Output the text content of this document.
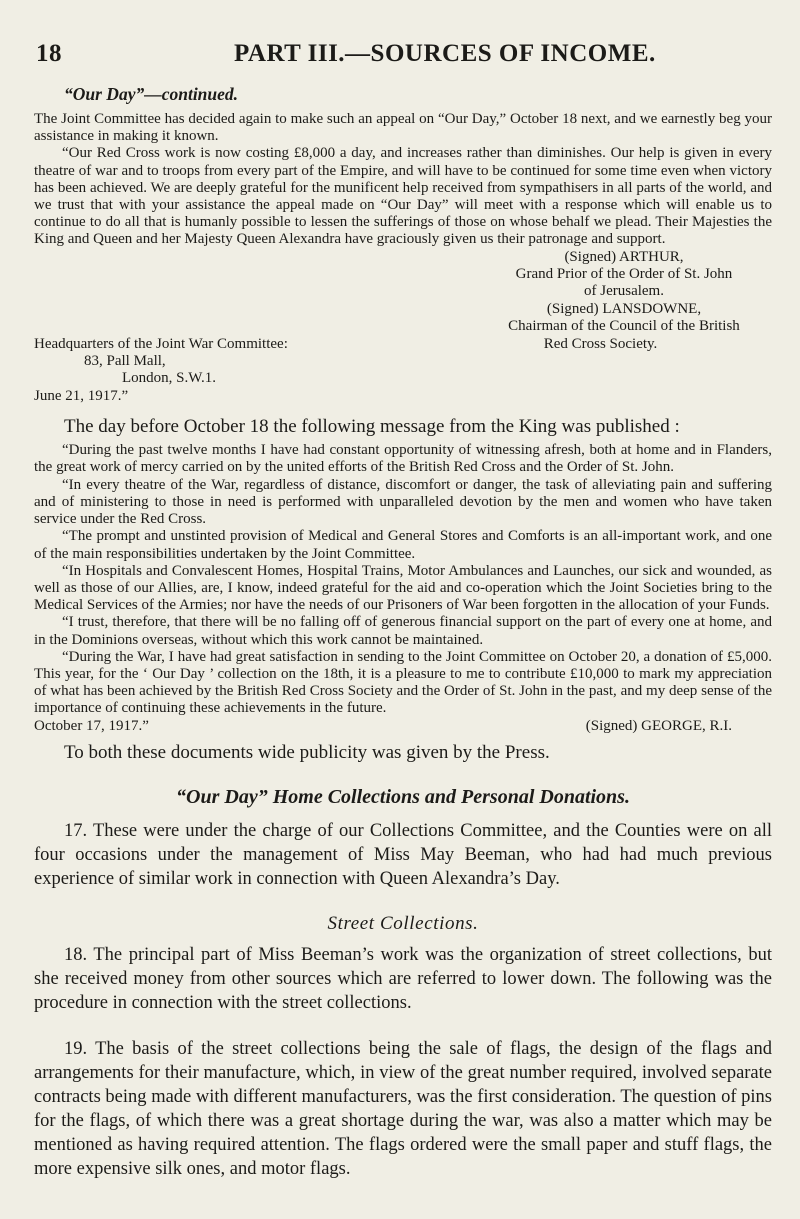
18	PART III.—SOURCES OF INCOME.
“Our Day”—continued.

The Joint Committee has decided again to make such an appeal on “Our Day,” October 18 next, and we earnestly beg your assistance in making it known.

“Our Red Cross work is now costing £8,000 a day, and increases rather than diminishes. Our help is given in every theatre of war and to troops from every part of the Empire, and will have to be continued for some time even when victory has been achieved. We are deeply grateful for the munificent help received from sympathisers in all parts of the world, and we trust that with your assistance the appeal made on “Our Day” will meet with a response which will enable us to continue to do all that is humanly possible to lessen the sufferings of those on whose behalf we plead. Their Majesties the King and Queen and her Majesty Queen Alexandra have graciously given us their patronage and support.

(Signed) ARTHUR,
Grand Prior of the Order of St. John
of Jerusalem.
(Signed) LANSDOWNE,
Chairman of the Council of the British
Headquarters of the Joint War Committee:	Red Cross Society.
83, Pall Mall,
London, S.W.1.
June 21, 1917.”
The day before October 18 the following message from the King was published :

“During the past twelve months I have had constant opportunity of witnessing afresh, both at home and in Flanders, the great work of mercy carried on by the united efforts of the British Red Cross and the Order of St. John.

“In every theatre of the War, regardless of distance, discomfort or danger, the task of alleviating pain and suffering and of ministering to those in need is performed with unparalleled devotion by the men and women who have taken service under the Red Cross.

“The prompt and unstinted provision of Medical and General Stores and Comforts is an all-important work, and one of the main responsibilities undertaken by the Joint Committee.

“In Hospitals and Convalescent Homes, Hospital Trains, Motor Ambulances and Launches, our sick and wounded, as well as those of our Allies, are, I know, indeed grateful for the aid and co-operation which the Joint Societies bring to the Medical Services of the Armies; nor have the needs of our Prisoners of War been forgotten in the allocation of your Funds.

“I trust, therefore, that there will be no falling off of generous financial support on the part of every one at home, and in the Dominions overseas, without which this work cannot be maintained.

“During the War, I have had great satisfaction in sending to the Joint Committee on October 20, a donation of £5,000. This year, for the ‘ Our Day ’ collection on the 18th, it is a pleasure to me to contribute £10,000 to mark my appreciation of what has been achieved by the British Red Cross Society and the Order of St. John in the past, and my deep sense of the importance of continuing these achievements in the future.

October 17, 1917.”	(Signed) GEORGE, R.I.
To both these documents wide publicity was given by the Press.
“Our Day” Home Collections and Personal Donations.
17. These were under the charge of our Collections Committee, and the Counties were on all four occasions under the management of Miss May Beeman, who had had much previous experience of similar work in connection with Queen Alexandra’s Day.
Street Collections.
18. The principal part of Miss Beeman’s work was the organization of street collections, but she received money from other sources which are referred to lower down. The following was the procedure in connection with the street collections.
19. The basis of the street collections being the sale of flags, the design of the flags and arrangements for their manufacture, which, in view of the great number required, involved separate contracts being made with different manufacturers, was the first consideration. The question of pins for the flags, of which there was a great shortage during the war, was also a matter which may be mentioned as having required attention. The flags ordered were the small paper and stuff flags, the more expensive silk ones, and motor flags.
